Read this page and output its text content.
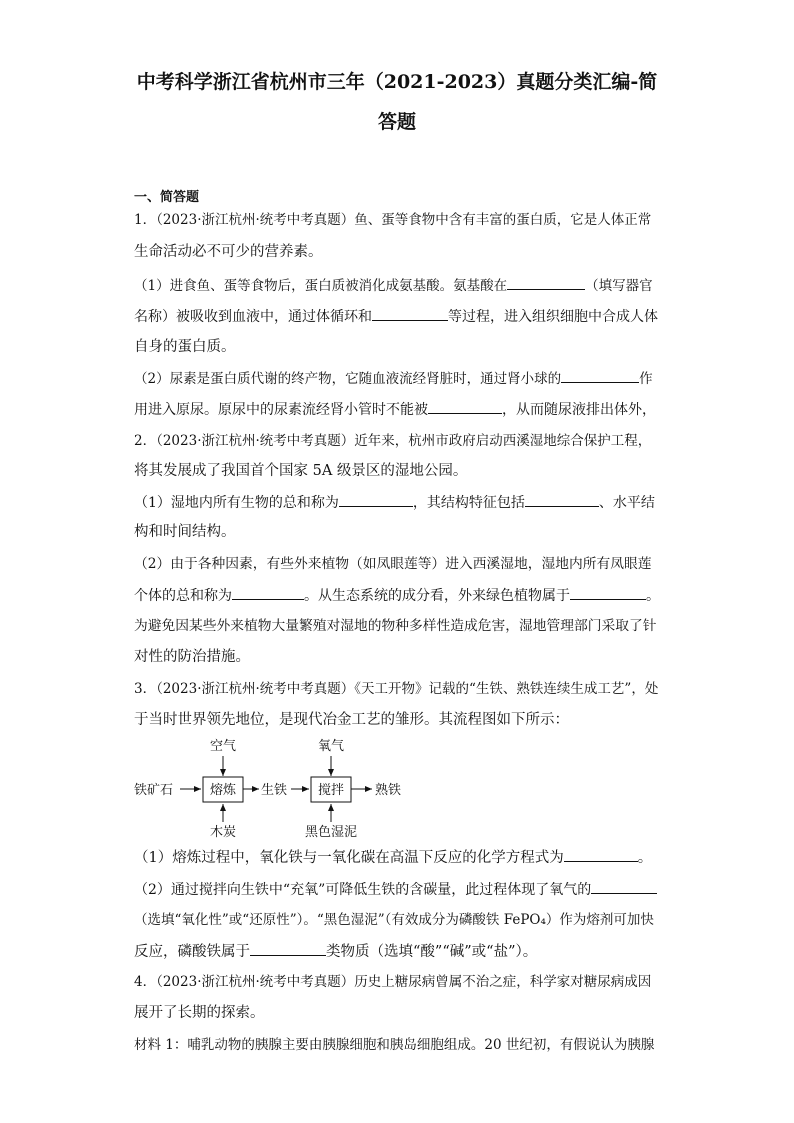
中考科学浙江省杭州市三年（2021-2023）真题分类汇编-简
答题
一、简答题
1．（2023·浙江杭州·统考中考真题）鱼、蛋等食物中含有丰富的蛋白质，它是人体正常
生命活动必不可少的营养素。
（1）进食鱼、蛋等食物后，蛋白质被消化成氨基酸。氨基酸在	（填写器官
名称）被吸收到血液中，通过体循环和	等过程，进入组织细胞中合成人体
自身的蛋白质。
（2）尿素是蛋白质代谢的终产物，它随血液流经肾脏时，通过肾小球的	作
用进入原尿。原尿中的尿素流经肾小管时不能被	，从而随尿液排出体外，
2．（2023·浙江杭州·统考中考真题）近年来，杭州市政府启动西溪湿地综合保护工程，
将其发展成了我国首个国家 5A 级景区的湿地公园。
（1）湿地内所有生物的总和称为	，其结构特征包括	、水平结
构和时间结构。
（2）由于各种因素，有些外来植物（如凤眼莲等）进入西溪湿地，湿地内所有凤眼莲
个体的总和称为	。从生态系统的成分看，外来绿色植物属于	。
为避免因某些外来植物大量繁殖对湿地的物种多样性造成危害，湿地管理部门采取了针
对性的防治措施。
3．（2023·浙江杭州·统考中考真题）《天工开物》记载的“生铁、熟铁连续生成工艺”，处
于当时世界领先地位，是现代冶金工艺的雏形。其流程图如下所示：
空气	氧气
铁矿石	熔炼 生铁 搅拌 熟铁
木炭	黑色湿泥
（1）熔炼过程中，氧化铁与一氧化碳在高温下反应的化学方程式为	。
（2）通过搅拌向生铁中“充氧”可降低生铁的含碳量，此过程体现了氧气的
（选填“氧化性”或“还原性”）。“黑色湿泥”（有效成分为磷酸铁 FePO₄）作为熔剂可加快
反应，磷酸铁属于	类物质（选填“酸”“碱”或“盐”）。
4．（2023·浙江杭州·统考中考真题）历史上糖尿病曾属不治之症，科学家对糖尿病成因
展开了长期的探索。
材料 1：哺乳动物的胰腺主要由胰腺细胞和胰岛细胞组成。20 世纪初，有假说认为胰腺
